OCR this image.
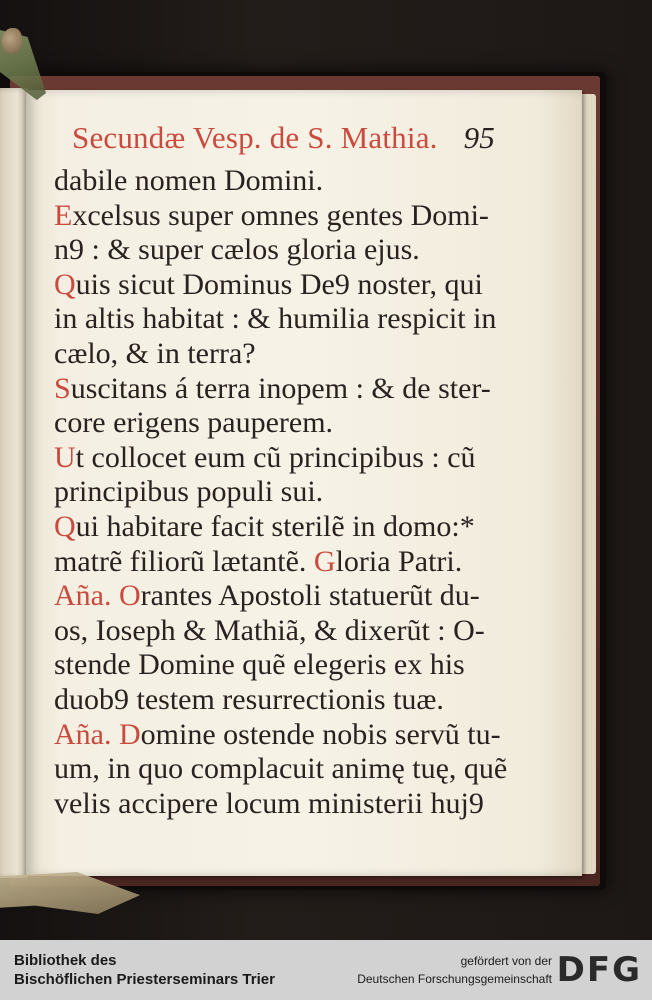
Secundæ Vesp. de S. Mathia. 95
dabile nomen Domini.
Excelsus super omnes gentes Domi-
n9 : & super cælos gloria ejus.
Quis sicut Dominus De9 noster, qui
in altis habitat : & humilia respicit in
cælo, & in terra?
Suscitans á terra inopem : & de ster-
core erigens pauperem.
Ut collocet eum cũ principibus : cũ
principibus populi sui.
Qui habitare facit sterilẽ in domo:*
matrẽ filiorũ lætantẽ. Gloria Patri.
Aña. Orantes Apostoli statuerũt du-
os, Ioseph & Mathiã, & dixerũt : O-
stende Domine quẽ elegeris ex his
duob9 testem resurrectionis tuæ.
Aña. Domine ostende nobis servũ tu-
um, in quo complacuit animę tuę, quẽ
velis accipere locum ministerii huj9
Bibliothek des
Bischöflichen Priesterseminars Trier
gefördert von der
Deutschen Forschungsgemeinschaft DFG
